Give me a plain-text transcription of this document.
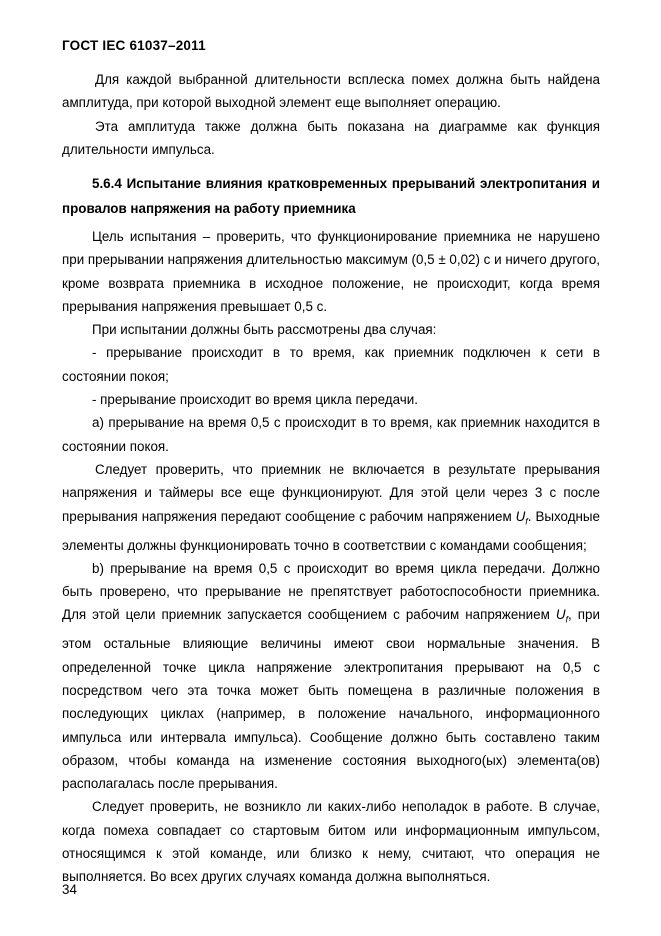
ГОСТ IEC 61037–2011

Для каждой выбранной длительности всплеска помех должна быть найдена амплитуда, при которой выходной элемент еще выполняет операцию.

Эта амплитуда также должна быть показана на диаграмме как функция длительности импульса.

5.6.4 Испытание влияния кратковременных прерываний электропитания и провалов напряжения на работу приемника

Цель испытания – проверить, что функционирование приемника не нарушено при прерывании напряжения длительностью максимум (0,5 ± 0,02) с и ничего другого, кроме возврата приемника в исходное положение, не происходит, когда время прерывания напряжения превышает 0,5 с.

При испытании должны быть рассмотрены два случая:

- прерывание происходит в то время, как приемник подключен к сети в состоянии покоя;

- прерывание происходит во время цикла передачи.

а) прерывание на время 0,5 с происходит в то время, как приемник находится в состоянии покоя.

Следует проверить, что приемник не включается в результате прерывания напряжения и таймеры все еще функционируют. Для этой цели через 3 с после прерывания напряжения передают сообщение с рабочим напряжением $U_f$. Выходные элементы должны функционировать точно в соответствии с командами сообщения;

b) прерывание на время 0,5 с происходит во время цикла передачи. Должно быть проверено, что прерывание не препятствует работоспособности приемника. Для этой цели приемник запускается сообщением с рабочим напряжением $U_f$, при этом остальные влияющие величины имеют свои нормальные значения. В определенной точке цикла напряжение электропитания прерывают на 0,5 с посредством чего эта точка может быть помещена в различные положения в последующих циклах (например, в положение начального, информационного импульса или интервала импульса). Сообщение должно быть составлено таким образом, чтобы команда на изменение состояния выходного(ых) элемента(ов) располагалась после прерывания.

Следует проверить, не возникло ли каких-либо неполадок в работе. В случае, когда помеха совпадает со стартовым битом или информационным импульсом, относящимся к этой команде, или близко к нему, считают, что операция не выполняется. Во всех других случаях команда должна выполняться.

34
